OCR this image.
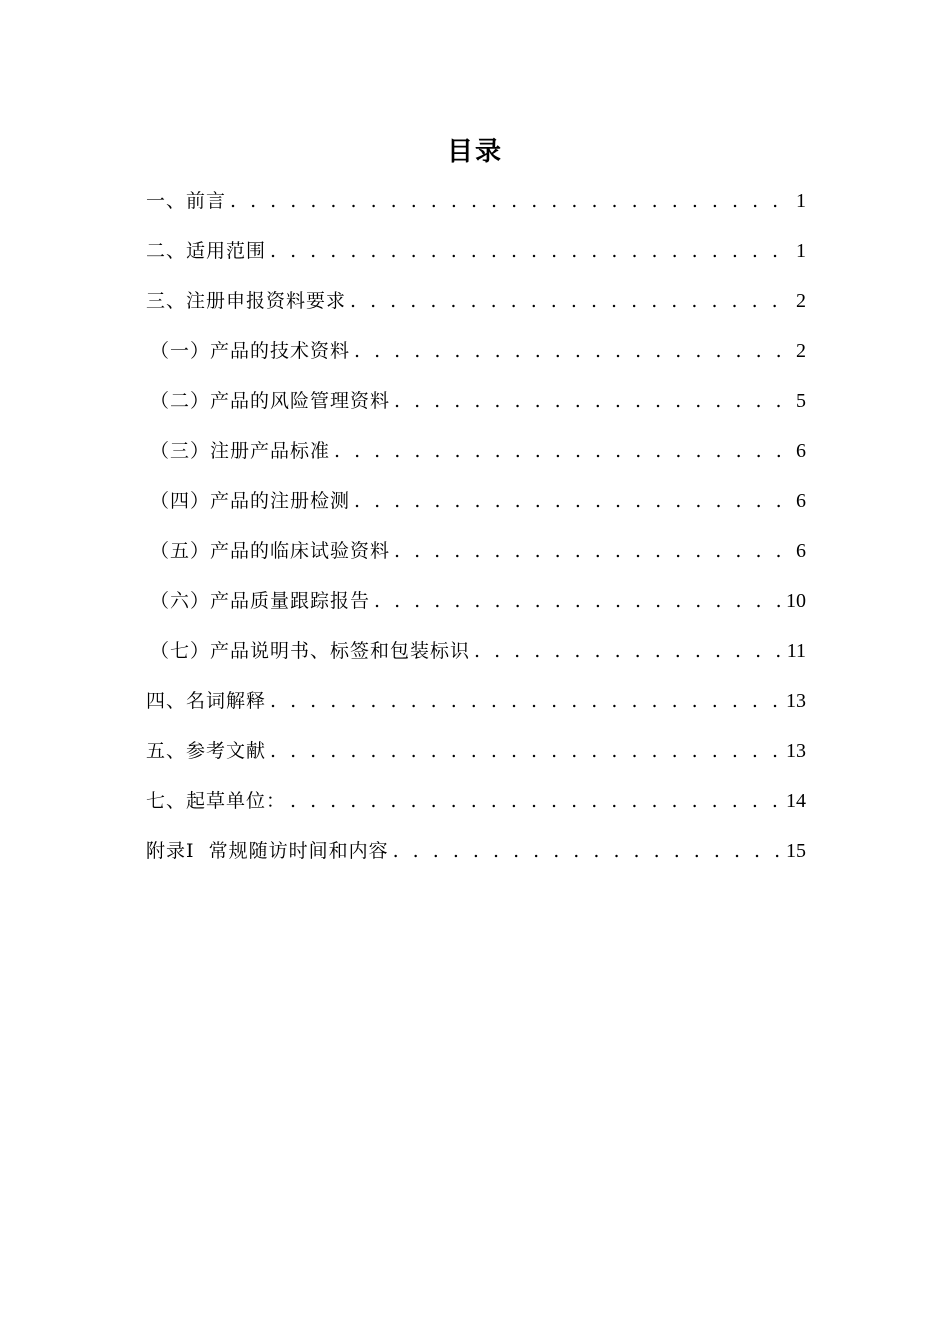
目录
一、前言 . . .	1
二、适用范围 . . .	1
三、注册申报资料要求 . . .	2
（一）产品的技术资料 . . .	2
（二）产品的风险管理资料 . . .	5
（三）注册产品标准 . . .	6
（四）产品的注册检测 . . .	6
（五）产品的临床试验资料 . . .	6
（六）产品质量跟踪报告 . . .	10
（七）产品说明书、标签和包装标识 . . .	11
四、名词解释 . . .	13
五、参考文献 . . .	13
七、起草单位： . . .	14
附录Ⅰ  常规随访时间和内容 . . .	15
